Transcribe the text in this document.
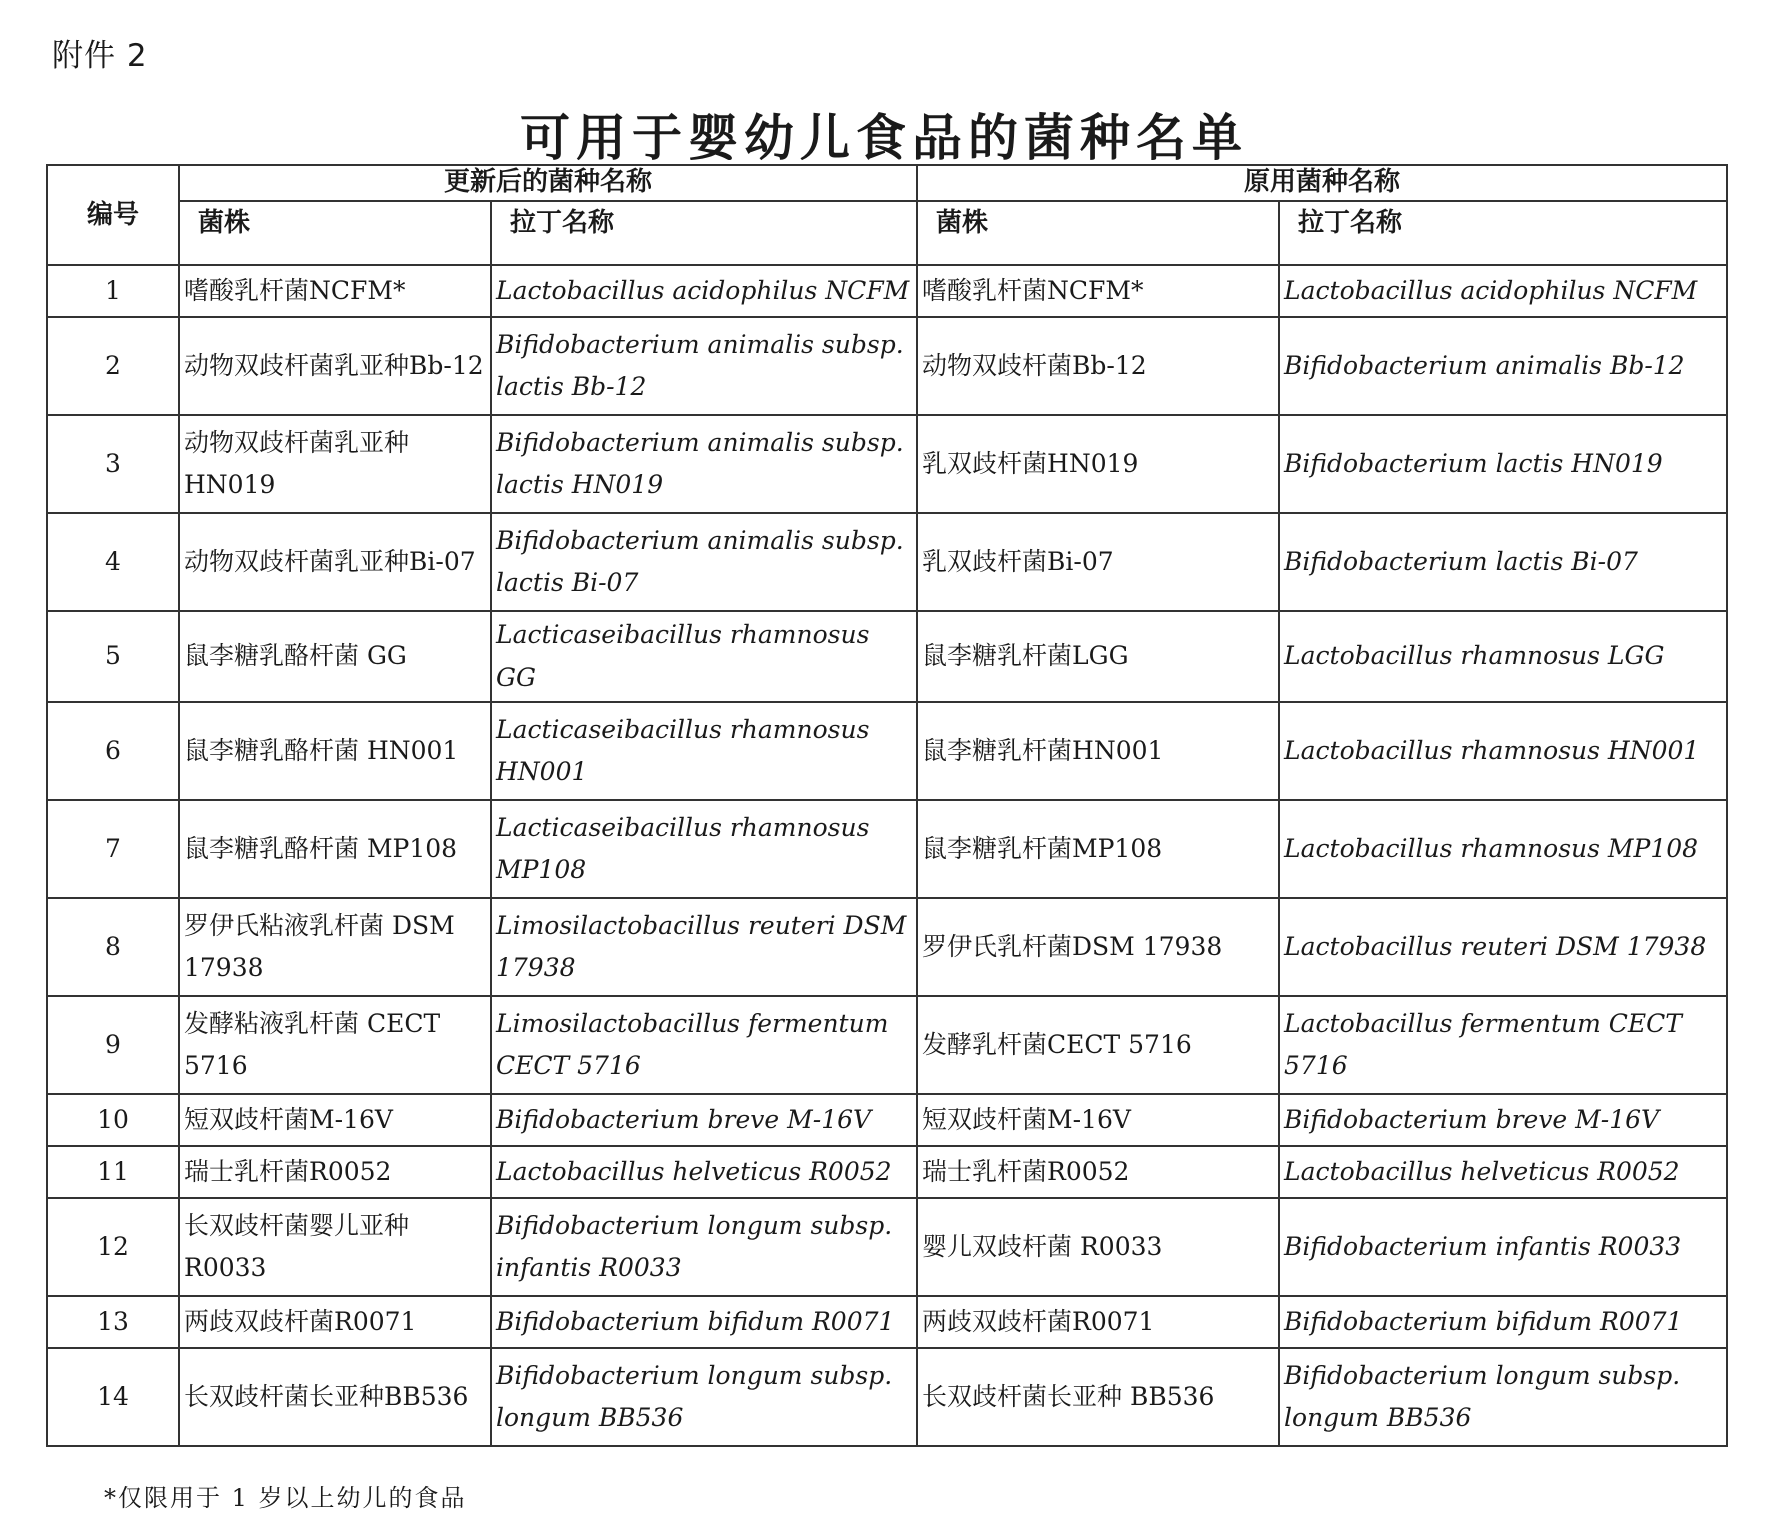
附件 2
可用于婴幼儿食品的菌种名单
编号	更新后的菌种名称		原用菌种名称	
	菌株	拉丁名称	菌株	拉丁名称
1	嗜酸乳杆菌NCFM*	Lactobacillus acidophilus NCFM	嗜酸乳杆菌NCFM*	Lactobacillus acidophilus NCFM
2	动物双歧杆菌乳亚种Bb-12	Bifidobacterium animalis subsp. lactis Bb-12	动物双歧杆菌Bb-12	Bifidobacterium animalis Bb-12
3	动物双歧杆菌乳亚种HN019	Bifidobacterium animalis subsp. lactis HN019	乳双歧杆菌HN019	Bifidobacterium lactis HN019
4	动物双歧杆菌乳亚种Bi-07	Bifidobacterium animalis subsp. lactis Bi-07	乳双歧杆菌Bi-07	Bifidobacterium lactis Bi-07
5	鼠李糖乳酪杆菌 GG	Lacticaseibacillus rhamnosus GG	鼠李糖乳杆菌LGG	Lactobacillus rhamnosus LGG
6	鼠李糖乳酪杆菌 HN001	Lacticaseibacillus rhamnosus HN001	鼠李糖乳杆菌HN001	Lactobacillus rhamnosus HN001
7	鼠李糖乳酪杆菌 MP108	Lacticaseibacillus rhamnosus MP108	鼠李糖乳杆菌MP108	Lactobacillus rhamnosus MP108
8	罗伊氏粘液乳杆菌 DSM 17938	Limosilactobacillus reuteri DSM 17938	罗伊氏乳杆菌DSM 17938	Lactobacillus reuteri DSM 17938
9	发酵粘液乳杆菌 CECT 5716	Limosilactobacillus fermentum CECT 5716	发酵乳杆菌CECT 5716	Lactobacillus fermentum CECT 5716
10	短双歧杆菌M-16V	Bifidobacterium breve M-16V	短双歧杆菌M-16V	Bifidobacterium breve M-16V
11	瑞士乳杆菌R0052	Lactobacillus helveticus R0052	瑞士乳杆菌R0052	Lactobacillus helveticus R0052
12	长双歧杆菌婴儿亚种R0033	Bifidobacterium longum subsp. infantis R0033	婴儿双歧杆菌 R0033	Bifidobacterium infantis R0033
13	两歧双歧杆菌R0071	Bifidobacterium bifidum R0071	两歧双歧杆菌R0071	Bifidobacterium bifidum R0071
14	长双歧杆菌长亚种BB536	Bifidobacterium longum subsp. longum BB536	长双歧杆菌长亚种 BB536	Bifidobacterium longum subsp. longum BB536
*仅限用于 1 岁以上幼儿的食品
